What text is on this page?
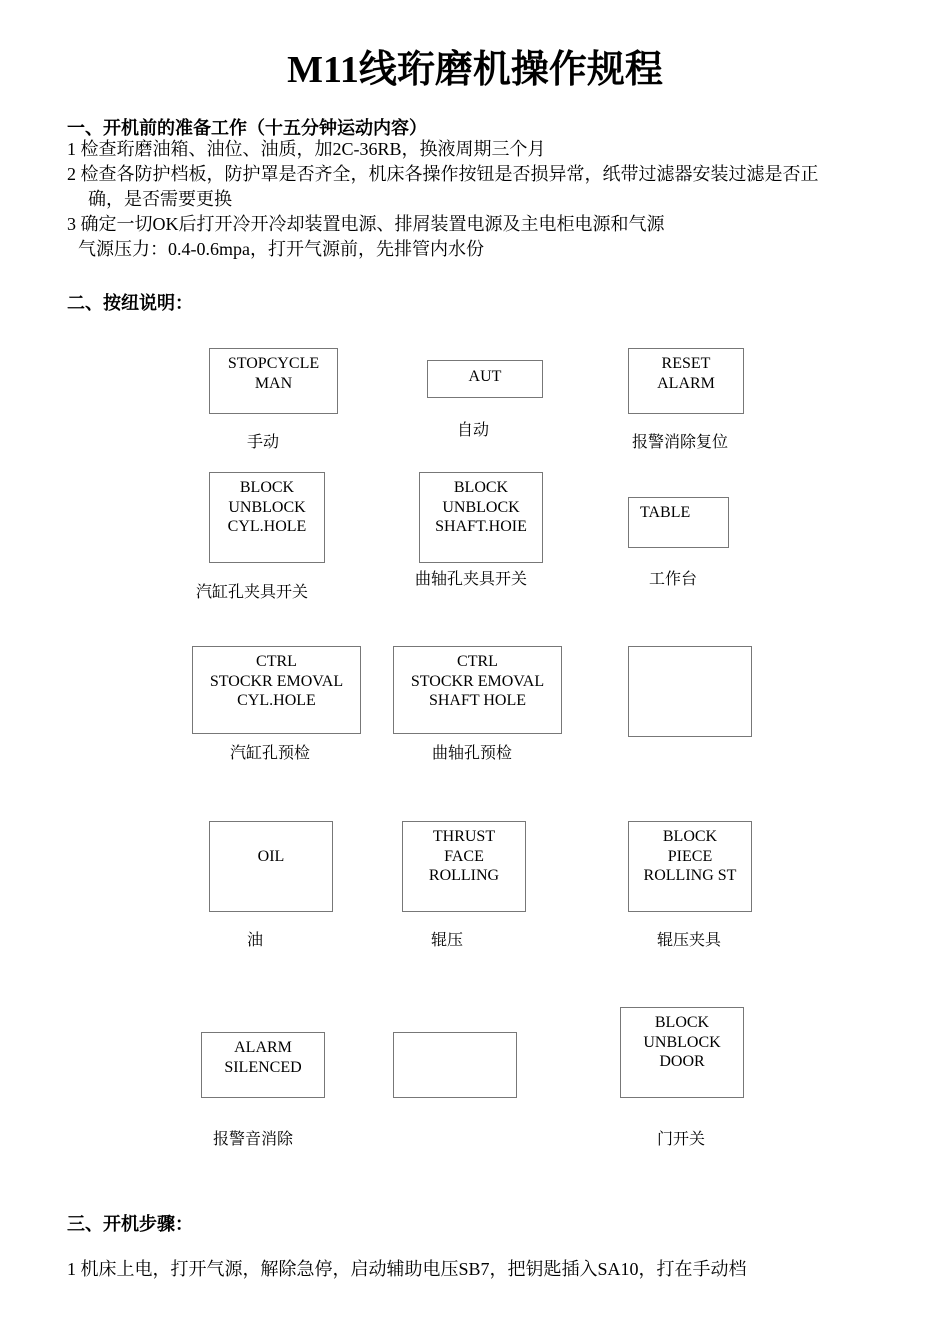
M11线珩磨机操作规程
一、开机前的准备工作（十五分钟运动内容）
1 检查珩磨油箱、油位、油质，加2C-36RB，换液周期三个月
2 检查各防护档板，防护罩是否齐全，机床各操作按钮是否损异常，纸带过滤器安装过滤是否正
确，是否需要更换
3 确定一切OK后打开冷开冷却装置电源、排屑装置电源及主电柜电源和气源
气源压力：0.4-0.6mpa，打开气源前，先排管内水份
二、按纽说明：
STOPCYCLE
MAN
手动
AUT
自动
RESET
ALARM
报警消除复位
BLOCK
UNBLOCK
CYL.HOLE
汽缸孔夹具开关
BLOCK
UNBLOCK
SHAFT.HOIE
曲轴孔夹具开关
TABLE
工作台
CTRL
STOCKR EMOVAL
CYL.HOLE
汽缸孔预检
CTRL
STOCKR EMOVAL
SHAFT HOLE
曲轴孔预检
OIL
油
THRUST
FACE
ROLLING
辊压
BLOCK
PIECE
ROLLING ST
辊压夹具
ALARM
SILENCED
报警音消除
BLOCK
UNBLOCK
DOOR
门开关
三、开机步骤：
1 机床上电，打开气源，解除急停，启动辅助电压SB7，把钥匙插入SA10，打在手动档
